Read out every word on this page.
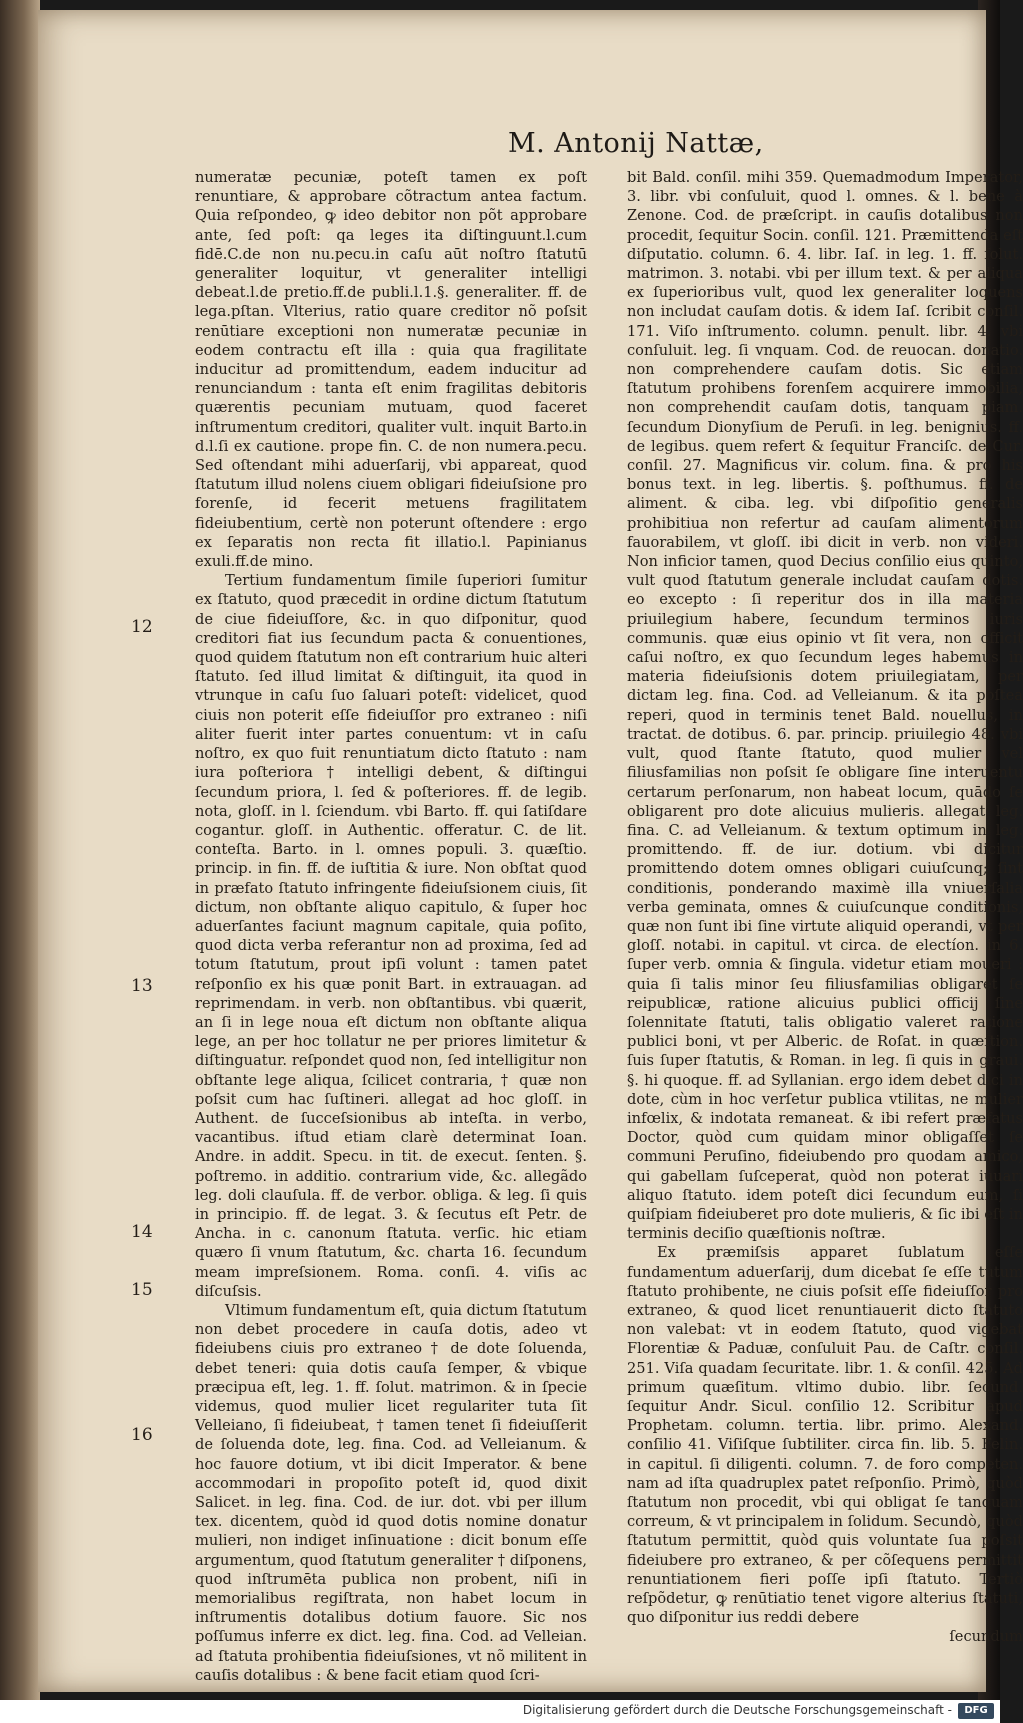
M. Antonij Nattæ,

numeratæ pecuniæ, poteſt tamen ex poſt renuntiare, & approbare cõtractum antea factum. Quia reſpondeo, ꝙ ideo debitor non põt approbare ante, ſed poſt: qa leges ita diſtinguunt.l.cum fidē.C.de non nu.pecu.in caſu aūt noſtro ſtatutū generaliter loquitur, vt generaliter intelligi debeat.l.de pretio.ff.de publi.l.1.§. generaliter. ff. de lega.pſtan. Vlterius, ratio quare creditor nõ poſsit renūtiare exceptioni non numeratæ pecuniæ in eodem contractu eſt illa : quia qua fragilitate inducitur ad promittendum, eadem inducitur ad renunciandum : tanta eſt enim fragilitas debitoris quærentis pecuniam mutuam, quod faceret inſtrumentum creditori, qualiter vult. inquit Barto.in d.l.ſi ex cautione. prope fin. C. de non numera.pecu. Sed oſtendant mihi aduerſarij, vbi appareat, quod ſtatutum illud nolens ciuem obligari fideiuſsione pro forenſe, id fecerit metuens fragilitatem fideiubentium, certè non poterunt oſtendere : ergo ex ſeparatis non recta fit illatio.l. Papinianus exuli.ff.de mino.

Tertium fundamentum ſimile ſuperiori ſumitur ex ſtatuto, quod præcedit in ordine dictum ſtatutum de ciue fideiuſſore, &c. in quo diſponitur, quod creditori fiat ius ſecundum pacta & conuentiones, quod quidem ſtatutum non eſt contrarium huic alteri ſtatuto. ſed illud limitat & diſtinguit, ita quod in vtrunque in caſu ſuo ſaluari poteſt: videlicet, quod ciuis non poterit eſſe fideiuſſor pro extraneo : niſi aliter fuerit inter partes conuentum: vt in caſu noſtro, ex quo fuit renuntiatum dicto ſtatuto : nam iura poſteriora † intelligi debent, & diſtingui ſecundum priora, l. ſed & poſteriores. ff. de legib. nota, gloſſ. in l. ſciendum. vbi Barto. ff. qui ſatiſdare cogantur. gloſſ. in Authentic. offeratur. C. de lit. conteſta. Barto. in l. omnes populi. 3. quæſtio. princip. in fin. ff. de iuſtitia & iure. Non obſtat quod in præfato ſtatuto infringente fideiuſsionem ciuis, ſit dictum, non obſtante aliquo capitulo, & ſuper hoc aduerſantes faciunt magnum capitale, quia poſito, quod dicta verba referantur non ad proxima, ſed ad totum ſtatutum, prout ipſi volunt : tamen patet reſponſio ex his quæ ponit Bart. in extrauagan. ad reprimendam. in verb. non obſtantibus. vbi quærit, an ſi in lege noua eſt dictum non obſtante aliqua lege, an per hoc tollatur ne per priores limitetur & diſtinguatur. reſpondet quod non, ſed intelligitur non obſtante lege aliqua, ſcilicet contraria, † quæ non poſsit cum hac ſuſtineri. allegat ad hoc gloſſ. in Authent. de ſucceſsionibus ab inteſta. in verbo, vacantibus. iſtud etiam clarè determinat Ioan. Andre. in addit. Specu. in tit. de execut. ſenten. §. poſtremo. in additio. contrarium vide, &c. allegãdo leg. doli clauſula. ff. de verbor. obliga. & leg. ſi quis in principio. ff. de legat. 3. & ſecutus eſt Petr. de Ancha. in c. canonum ſtatuta. verſic. hic etiam quæro ſi vnum ſtatutum, &c. charta 16. ſecundum meam impreſsionem. Roma. conſi. 4. viſis ac diſcuſsis.

Vltimum fundamentum eſt, quia dictum ſtatutum non debet procedere in cauſa dotis, adeo vt fideiubens ciuis pro extraneo † de dote ſoluenda, debet teneri: quia dotis cauſa ſemper, & vbique præcipua eſt, leg. 1. ff. ſolut. matrimon. & in ſpecie videmus, quod mulier licet regulariter tuta ſit Velleiano, ſi fideiubeat, † tamen tenet ſi fideiuſſerit de ſoluenda dote, leg. fina. Cod. ad Velleianum. & hoc fauore dotium, vt ibi dicit Imperator. & bene accommodari in propoſito poteſt id, quod dixit Salicet. in leg. fina. Cod. de iur. dot. vbi per illum tex. dicentem, quòd id quod dotis nomine donatur mulieri, non indiget inſinuatione : dicit bonum eſſe argumentum, quod ſtatutum generaliter † diſponens, quod inſtrumēta publica non probent, niſi in memorialibus regiſtrata, non habet locum in inſtrumentis dotalibus dotium fauore. Sic nos poſſumus inferre ex dict. leg. fina. Cod. ad Velleian. ad ſtatuta prohibentia fideiuſsiones, vt nõ militent in cauſis dotalibus : & bene facit etiam quod ſcri-

bit Bald. conſil. mihi 359. Quemadmodum Imperator, 3. libr. vbi conſuluit, quod l. omnes. & l. bene à Zenone. Cod. de præſcript. in cauſis dotalibus non procedit, ſequitur Socin. conſil. 121. Præmittenda eſt diſputatio. column. 6. 4. libr. Iaſ. in leg. 1. ff. ſolut. matrimon. 3. notabi. vbi per illum text. & per aliqua ex ſuperioribus vult, quod lex generaliter loquens non includat cauſam dotis. & idem Iaſ. ſcribit conſil. 171. Viſo inſtrumento. column. penult. libr. 4. vbi conſuluit. leg. ſi vnquam. Cod. de reuocan. donatio. non comprehendere cauſam dotis. Sic etiam ſtatutum prohibens forenſem acquirere immobilia, non comprehendit cauſam dotis, tanquam piam. ſecundum Dionyſium de Peruſi. in leg. benignius. ff. de legibus. quem refert & ſequitur Franciſc. de Cur. conſil. 27. Magnificus vir. colum. fina. & pro his bonus text. in leg. libertis. §. poſthumus. ff. de aliment. & ciba. leg. vbi diſpoſitio generalis prohibitiua non refertur ad cauſam alimentorum fauorabilem, vt gloſſ. ibi dicit in verb. non videri. Non inficior tamen, quod Decius conſilio eius quinto, vult quod ſtatutum generale includat cauſam dotis. eo excepto : ſi reperitur dos in illa materia priuilegium habere, ſecundum terminos iuris communis. quæ eius opinio vt ſit vera, non officit caſui noſtro, ex quo ſecundum leges habemus in materia fideiuſsionis dotem priuilegiatam, per dictam leg. fina. Cod. ad Velleianum. & ita poſtea reperi, quod in terminis tenet Bald. nouellus, in tractat. de dotibus. 6. par. princip. priuilegio 48. vbi vult, quod ſtante ſtatuto, quod mulier vel filiusfamilias non poſsit ſe obligare ſine interuentu certarum perſonarum, non habeat locum, quādo ſe obligarent pro dote alicuius mulieris. allegat leg. fina. C. ad Velleianum. & textum optimum in leg. promittendo. ff. de iur. dotium. vbi dicitur promittendo dotem omnes obligari cuiuſcunq; ſint conditionis, ponderando maximè illa vniuerſalia verba geminata, omnes & cuiuſcunque conditionis, quæ non ſunt ibi ſine virtute aliquid operandi, vt per gloſſ. notabi. in capitul. vt circa. de electíon. in 6. ſuper verb. omnia & ſingula. videtur etiam moueri : quia ſi talis minor ſeu filiusfamilias obligaret ſe reipublicæ, ratione alicuius publici officij ſine ſolennitate ſtatuti, talis obligatio valeret ratione publici boni, vt per Alberic. de Roſat. in quæſtion. ſuis ſuper ſtatutis, & Roman. in leg. ſi quis in graui. §. hi quoque. ff. ad Syllanian. ergo idem debet dici in dote, cùm in hoc verſetur publica vtilitas, ne mulier infœlix, & indotata remaneat. & ibi refert præfatus Doctor, quòd cum quidam minor obligaſſet ſe communi Peruſino, fideiubendo pro quodam amico, qui gabellam ſuſceperat, quòd non poterat iuuari aliquo ſtatuto. idem poteſt dici ſecundum eum, ſi quiſpiam fideiuberet pro dote mulieris, & ſic ibi eſt in terminis deciſio quæſtionis noſtræ.

Ex præmiſsis apparet ſublatum eſſe fundamentum aduerſarij, dum dicebat ſe eſſe tutum ſtatuto prohibente, ne ciuis poſsit eſſe fideiuſſor pro extraneo, & quod licet renuntiauerit dicto ſtatuto non valebat: vt in eodem ſtatuto, quod vigebat Florentiæ & Paduæ, conſuluit Pau. de Caſtr. conſil. 251. Viſa quadam ſecuritate. libr. 1. & conſil. 425. Ad primum quæſitum. vltimo dubio. libr. ſecund. ſequitur Andr. Sicul. conſilio 12. Scribitur apud Prophetam. column. tertia. libr. primo. Alexand. conſilio 41. Viſiſque ſubtiliter. circa fin. lib. 5. Felin. in capitul. ſi diligenti. column. 7. de foro competen. nam ad iſta quadruplex patet reſponſio. Primò, quòd ſtatutum non procedit, vbi qui obligat ſe tanquam correum, & vt principalem in ſolidum. Secundò, quòd ſtatutum permittit, quòd quis voluntate ſua poſsit fideiubere pro extraneo, & per cõſequens permittit renuntiationem fieri poſſe ipſi ſtatuto. Tertiò reſpõdetur, ꝙ renūtiatio tenet vigore alterius ſtatuti, quo diſponitur ius reddi debere

ſecundum

12
13
14
15
16
Digitalisierung gefördert durch die Deutsche Forschungsgemeinschaft -	DFG
